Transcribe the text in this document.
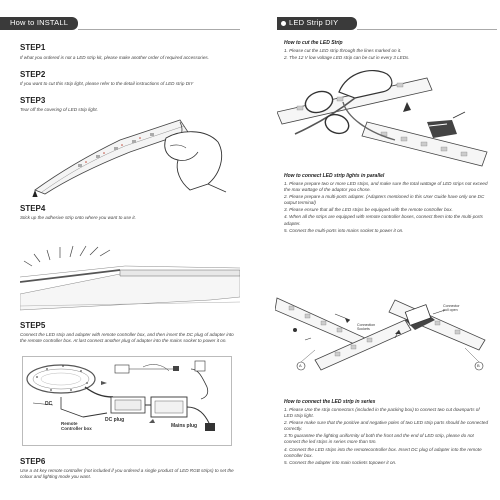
How to INSTALL
STEP1
If what you ordered is not a LED strip kit, please make another order of required accessories.
STEP2
If you want to cut this strip light, please refer to the detail instructions of LED strip DIY
STEP3
Tear off the covering of LED strip light.
STEP4
Stick up the adhesive strip onto where you want to use it.
STEP5
Connect the LED strip and adapter with remote controller box, and then insert the DC plug of adapter into the remote controller box. At last connect another plug of adapter into the mains socket to power it on.
DC
DC plug
Remote
Controller box	Mains plug
STEP6
Use a 44 key remote controller (not included if you ordered a single product of LED RGB strips) to set the colour and lighting mode you want.
LED Strip DIY
How to cut the LED Strip
1. Please cut the LED strip through the lines marked on it.
2. The 12 V low voltage LED strip can be cut in every 3 LEDs.
How to connect LED strip lights in parallel
1. Please prepare two or more LED strips, and make sure the total wattage of LED strips not exceed the max wattage of the adaptor you chose.
2. Please prepare a multi-ports adapter. (Adapters mentioned in this User Guide have only one DC output terminal)
3. Please ensure that all the LED strips be equipped with the remote controller box.
4. When all the strips are equipped with remote controller boxes, connect them into the multi-ports adapter.
5. Connect the multi-ports into mains socket to power it on.
Connector
pull open
Connection
Sockets
A	B
How to connect the LED strip in series
1. Please Use the strip connectors (included in the packing box) to connect two cut downparts of LED strip light.
2. Please make sure that the positive and negative poles of two LED strip parts should be connected correctly.
3.To guarantee the lighting uniformity of both the front and the end of LED strip, please do not connect the led strips in series more than 5m.
4. Connect the LED strips into the remotecontroller box. Insert DC plug of adapter into the remote controller box.
5. Connect the adapter into main sockets topower it on.
